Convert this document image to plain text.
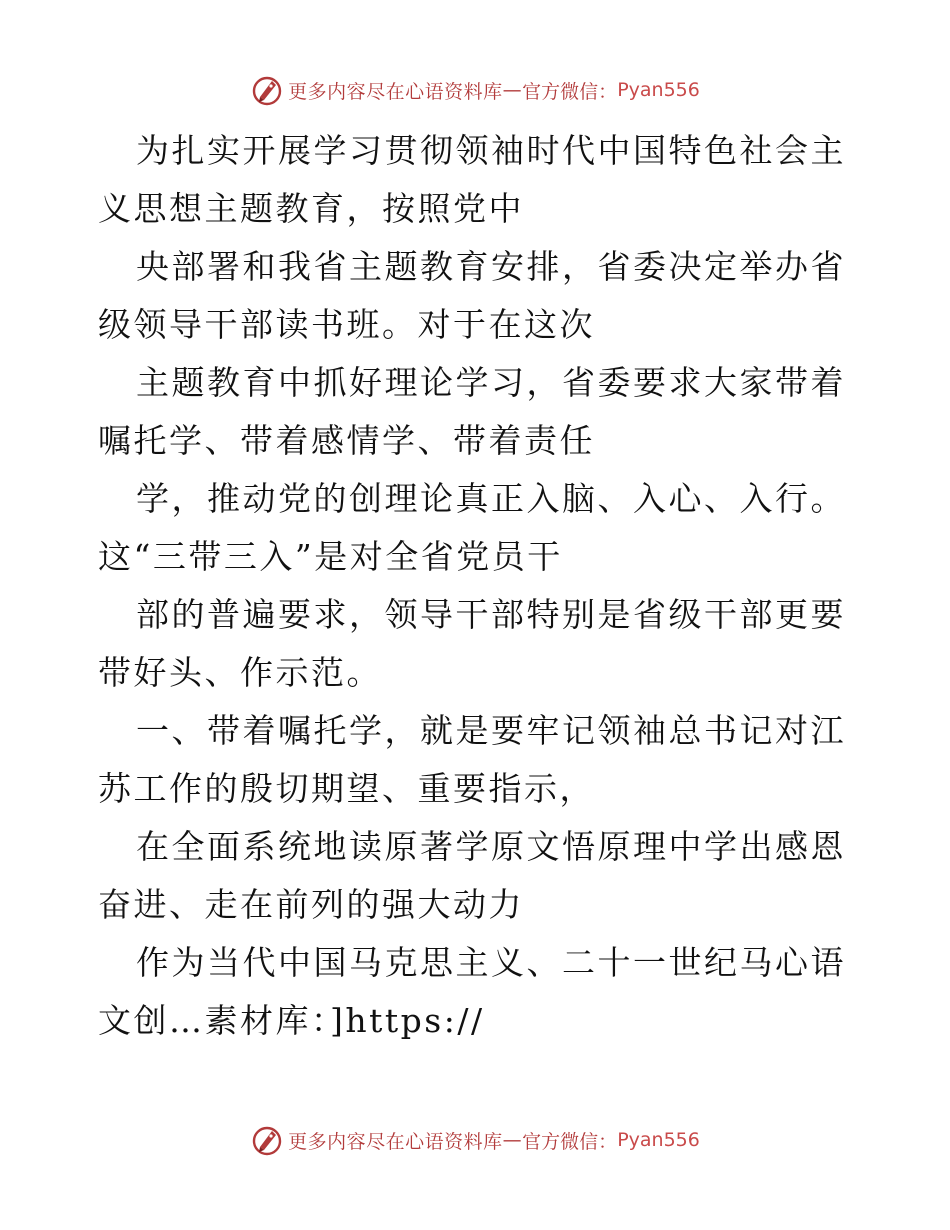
更多内容尽在心语资料库 — 官方微信： Pyan556

为扎实开展学习贯彻领袖时代中国特色社会主义思想主题教育，按照党中

央部署和我省主题教育安排，省委决定举办省级领导干部读书班。对于在这次

主题教育中抓好理论学习，省委要求大家带着嘱托学、带着感情学、带着责任

学，推动党的创理论真正入脑、入心、入行。这“三带三入”是对全省党员干

部的普遍要求，领导干部特别是省级干部更要带好头、作示范。

一、带着嘱托学，就是要牢记领袖总书记对江苏工作的殷切期望、重要指示，

在全面系统地读原著学原文悟原理中学出感恩奋进、走在前列的强大动力

作为当代中国马克思主义、二十一世纪马心语文创…素材库：]https://

更多内容尽在心语资料库 — 官方微信： Pyan556
